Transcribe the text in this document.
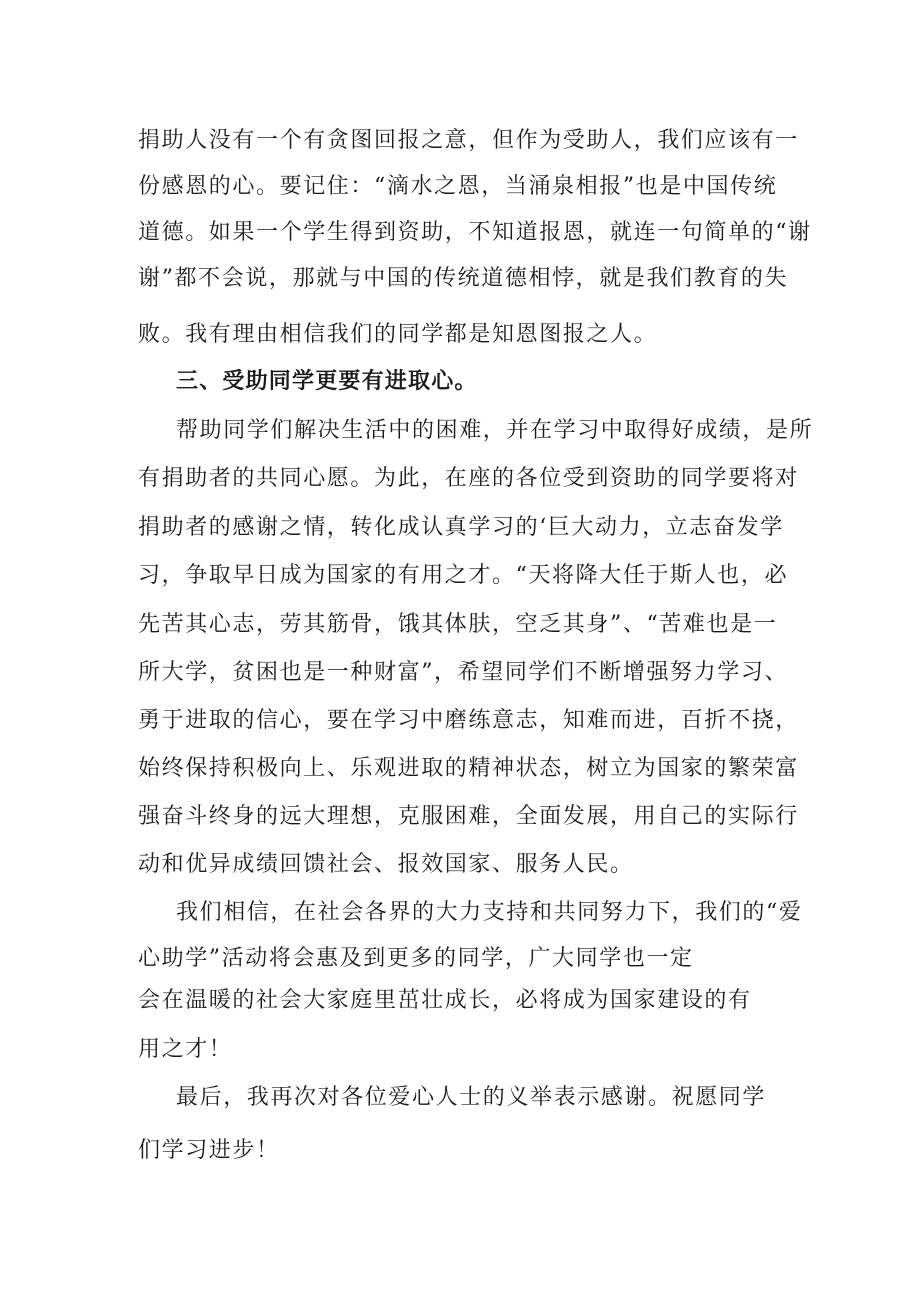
捐助人没有一个有贪图回报之意，但作为受助人，我们应该有一
份感恩的心。要记住：“滴水之恩，当涌泉相报”也是中国传统
道德。如果一个学生得到资助，不知道报恩，就连一句简单的“谢
谢”都不会说，那就与中国的传统道德相悖，就是我们教育的失
败。我有理由相信我们的同学都是知恩图报之人。
三、受助同学更要有进取心。
帮助同学们解决生活中的困难，并在学习中取得好成绩，是所
有捐助者的共同心愿。为此，在座的各位受到资助的同学要将对
捐助者的感谢之情，转化成认真学习的‘巨大动力，立志奋发学
习，争取早日成为国家的有用之才。“天将降大任于斯人也，必
先苦其心志，劳其筋骨，饿其体肤，空乏其身”、“苦难也是一
所大学，贫困也是一种财富”，希望同学们不断增强努力学习、
勇于进取的信心，要在学习中磨练意志，知难而进，百折不挠，
始终保持积极向上、乐观进取的精神状态，树立为国家的繁荣富
强奋斗终身的远大理想，克服困难，全面发展，用自己的实际行
动和优异成绩回馈社会、报效国家、服务人民。
我们相信，在社会各界的大力支持和共同努力下，我们的“爱
心助学”活动将会惠及到更多的同学，广大同学也一定
会在温暖的社会大家庭里茁壮成长，必将成为国家建设的有
用之才！
最后，我再次对各位爱心人士的义举表示感谢。祝愿同学
们学习进步！
